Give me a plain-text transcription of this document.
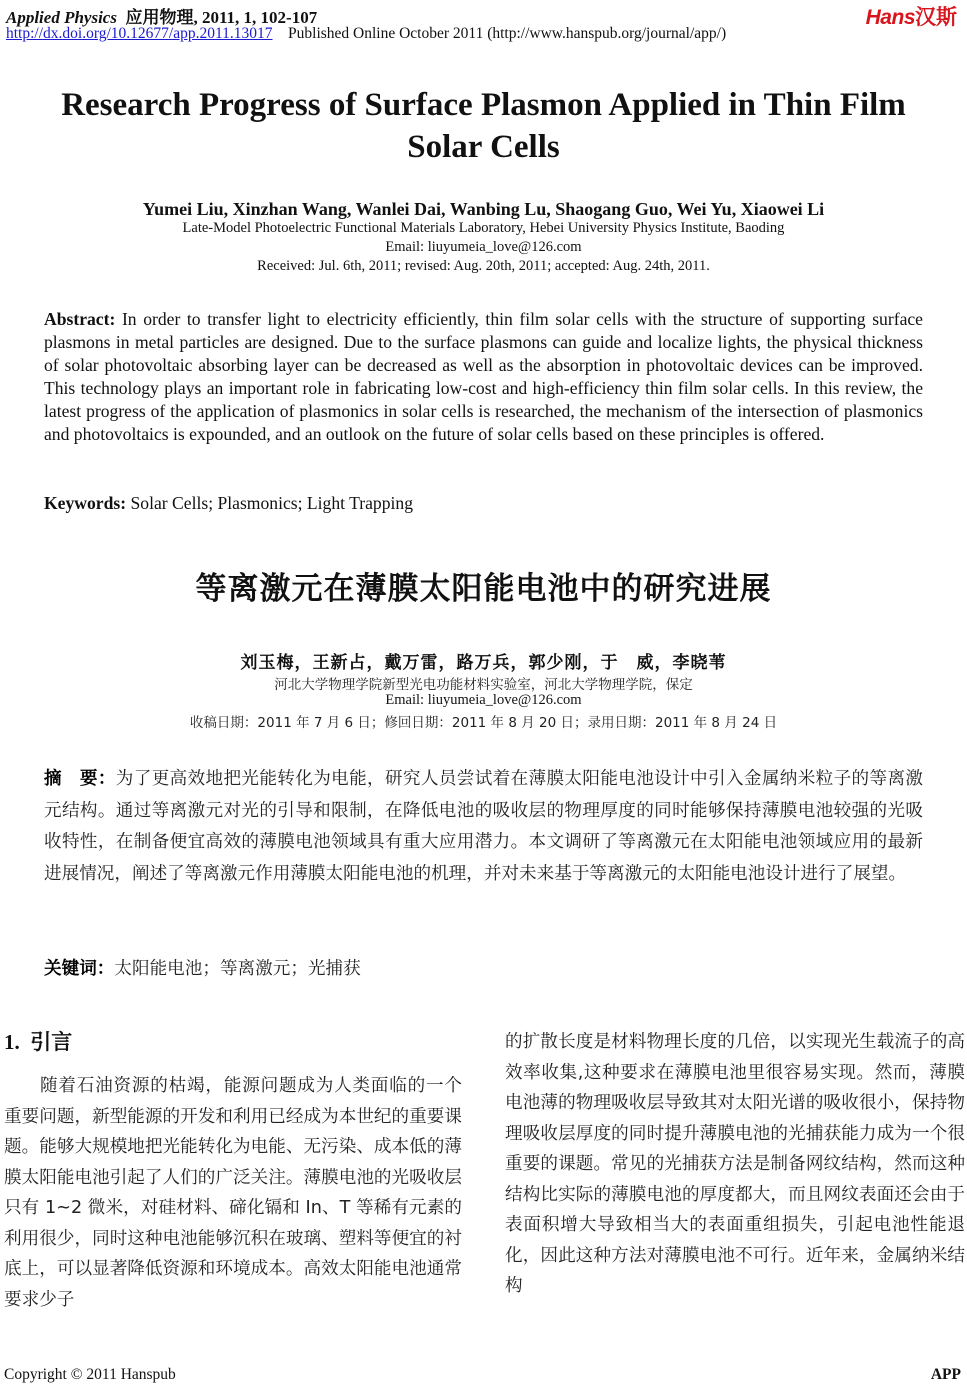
Applied Physics 应用物理, 2011, 1, 102-107
http://dx.doi.org/10.12677/app.2011.13017 Published Online October 2011 (http://www.hanspub.org/journal/app/)
Hans汉斯
Research Progress of Surface Plasmon Applied in Thin Film Solar Cells
Yumei Liu, Xinzhan Wang, Wanlei Dai, Wanbing Lu, Shaogang Guo, Wei Yu, Xiaowei Li
Late-Model Photoelectric Functional Materials Laboratory, Hebei University Physics Institute, Baoding
Email: liuyumeia_love@126.com
Received: Jul. 6th, 2011; revised: Aug. 20th, 2011; accepted: Aug. 24th, 2011.
Abstract: In order to transfer light to electricity efficiently, thin film solar cells with the structure of supporting surface plasmons in metal particles are designed. Due to the surface plasmons can guide and localize lights, the physical thickness of solar photovoltaic absorbing layer can be decreased as well as the absorption in photovoltaic devices can be improved. This technology plays an important role in fabricating low-cost and high-efficiency thin film solar cells. In this review, the latest progress of the application of plasmonics in solar cells is researched, the mechanism of the intersection of plasmonics and photovoltaics is expounded, and an outlook on the future of solar cells based on these principles is offered.
Keywords: Solar Cells; Plasmonics; Light Trapping
等离激元在薄膜太阳能电池中的研究进展
刘玉梅，王新占，戴万雷，路万兵，郭少刚，于　威，李晓苇
河北大学物理学院新型光电功能材料实验室，河北大学物理学院，保定
Email: liuyumeia_love@126.com
收稿日期：2011 年 7 月 6 日；修回日期：2011 年 8 月 20 日；录用日期：2011 年 8 月 24 日
摘　要：为了更高效地把光能转化为电能，研究人员尝试着在薄膜太阳能电池设计中引入金属纳米粒子的等离激元结构。通过等离激元对光的引导和限制，在降低电池的吸收层的物理厚度的同时能够保持薄膜电池较强的光吸收特性，在制备便宜高效的薄膜电池领域具有重大应用潜力。本文调研了等离激元在太阳能电池领域应用的最新进展情况，阐述了等离激元作用薄膜太阳能电池的机理，并对未来基于等离激元的太阳能电池设计进行了展望。
关键词：太阳能电池；等离激元；光捕获
1. 引言
随着石油资源的枯竭，能源问题成为人类面临的一个重要问题，新型能源的开发和利用已经成为本世纪的重要课题。能够大规模地把光能转化为电能、无污染、成本低的薄膜太阳能电池引起了人们的广泛关注。薄膜电池的光吸收层只有 1~2 微米，对硅材料、碲化镉和 In、T 等稀有元素的利用很少，同时这种电池能够沉积在玻璃、塑料等便宜的衬底上，可以显著降低资源和环境成本。高效太阳能电池通常要求少子
的扩散长度是材料物理长度的几倍，以实现光生载流子的高效率收集,这种要求在薄膜电池里很容易实现。然而，薄膜电池薄的物理吸收层导致其对太阳光谱的吸收很小，保持物理吸收层厚度的同时提升薄膜电池的光捕获能力成为一个很重要的课题。常见的光捕获方法是制备网纹结构，然而这种结构比实际的薄膜电池的厚度都大，而且网纹表面还会由于表面积增大导致相当大的表面重组损失，引起电池性能退化，因此这种方法对薄膜电池不可行。近年来，金属纳米结构
Copyright © 2011 Hanspub	APP
